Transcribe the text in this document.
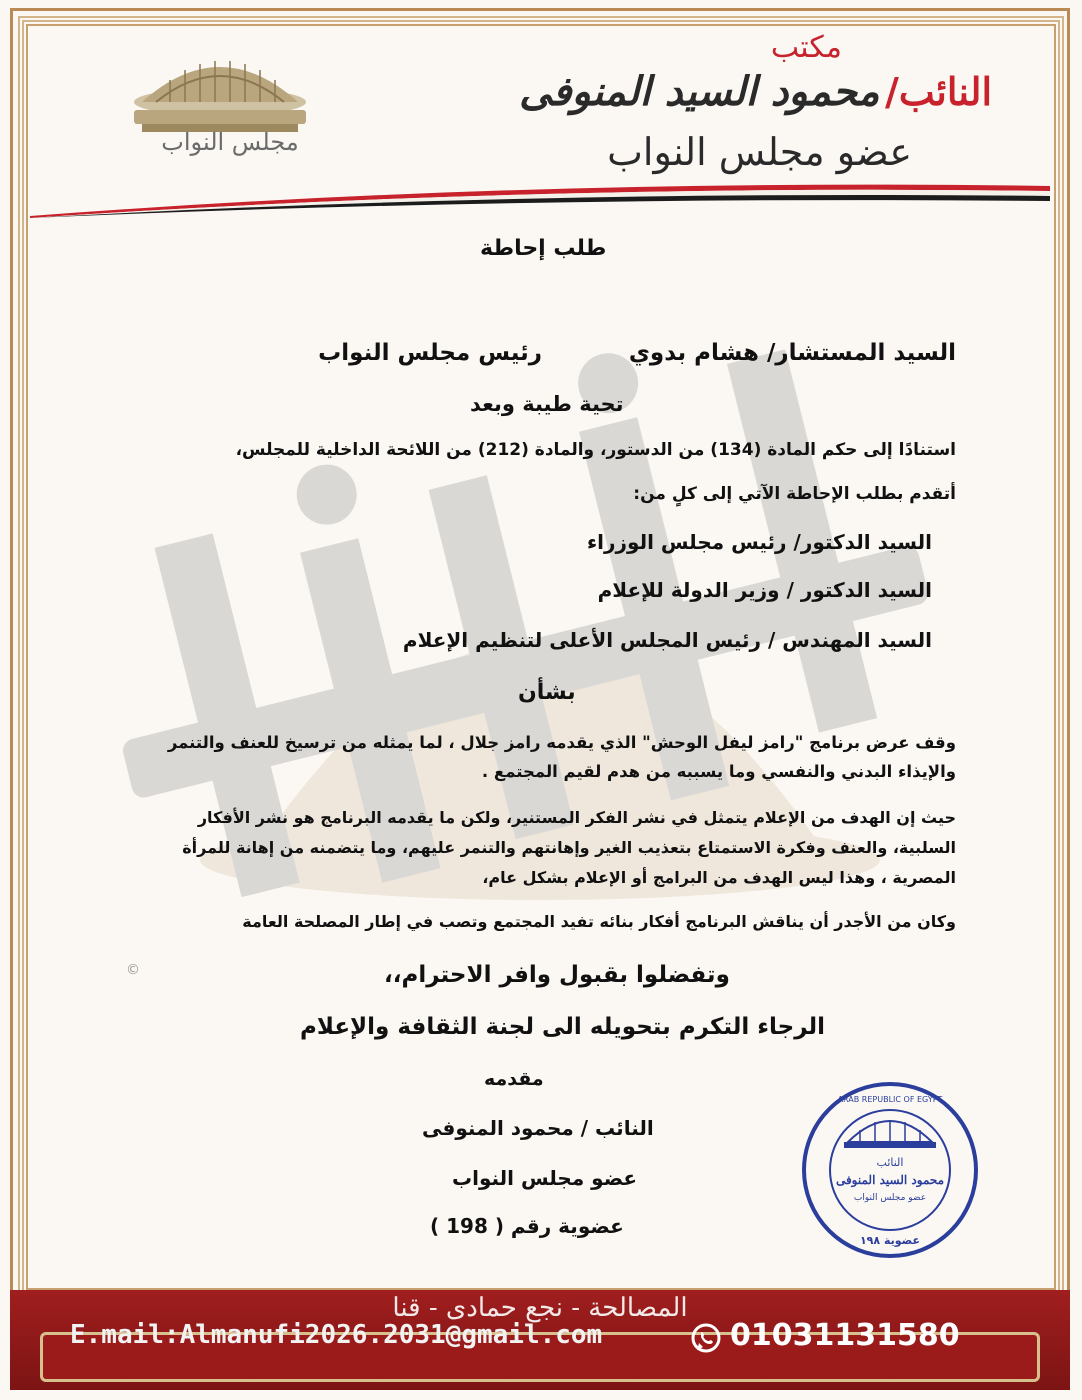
مجلس النواب
مكتب
النائب/ محمود السيد المنوفى
عضو مجلس النواب
©
طلب إحاطة
السيد المستشار/ هشام بدوي
رئيس مجلس النواب
تحية طيبة وبعد
استنادًا إلى حكم المادة (134) من الدستور، والمادة (212) من اللائحة الداخلية للمجلس،
أتقدم بطلب الإحاطة الآتي إلى كلٍ من:
السيد الدكتور/ رئيس مجلس الوزراء
السيد الدكتور / وزير الدولة للإعلام
السيد المهندس / رئيس المجلس الأعلى لتنظيم الإعلام
بشأن
وقف عرض برنامج "رامز ليفل الوحش" الذي يقدمه رامز جلال ، لما يمثله من ترسيخ للعنف والتنمر
والإيذاء البدني والنفسي وما يسببه من هدم لقيم المجتمع .
حيث إن الهدف من الإعلام يتمثل في نشر الفكر المستنير، ولكن ما يقدمه البرنامج هو نشر الأفكار
السلبية، والعنف وفكرة الاستمتاع بتعذيب الغير وإهانتهم والتنمر عليهم، وما يتضمنه من إهانة للمرأة
المصرية ، وهذا ليس الهدف من البرامج أو الإعلام بشكل عام،
وكان من الأجدر أن يناقش البرنامج أفكار بنائه تفيد المجتمع وتصب في إطار المصلحة العامة
وتفضلوا بقبول وافر الاحترام،،
الرجاء التكرم بتحويله الى لجنة الثقافة والإعلام
مقدمه
النائب / محمود المنوفى
عضو مجلس النواب
عضوية رقم ( 198 )
النائب
محمود السيد المنوفى
عضو مجلس النواب
عضوية ١٩٨
ARAB REPUBLIC OF EGYPT
المصالحة - نجع حمادى - قنا
E.mail:Almanufi2026.2031@gmail.com	01031131580
